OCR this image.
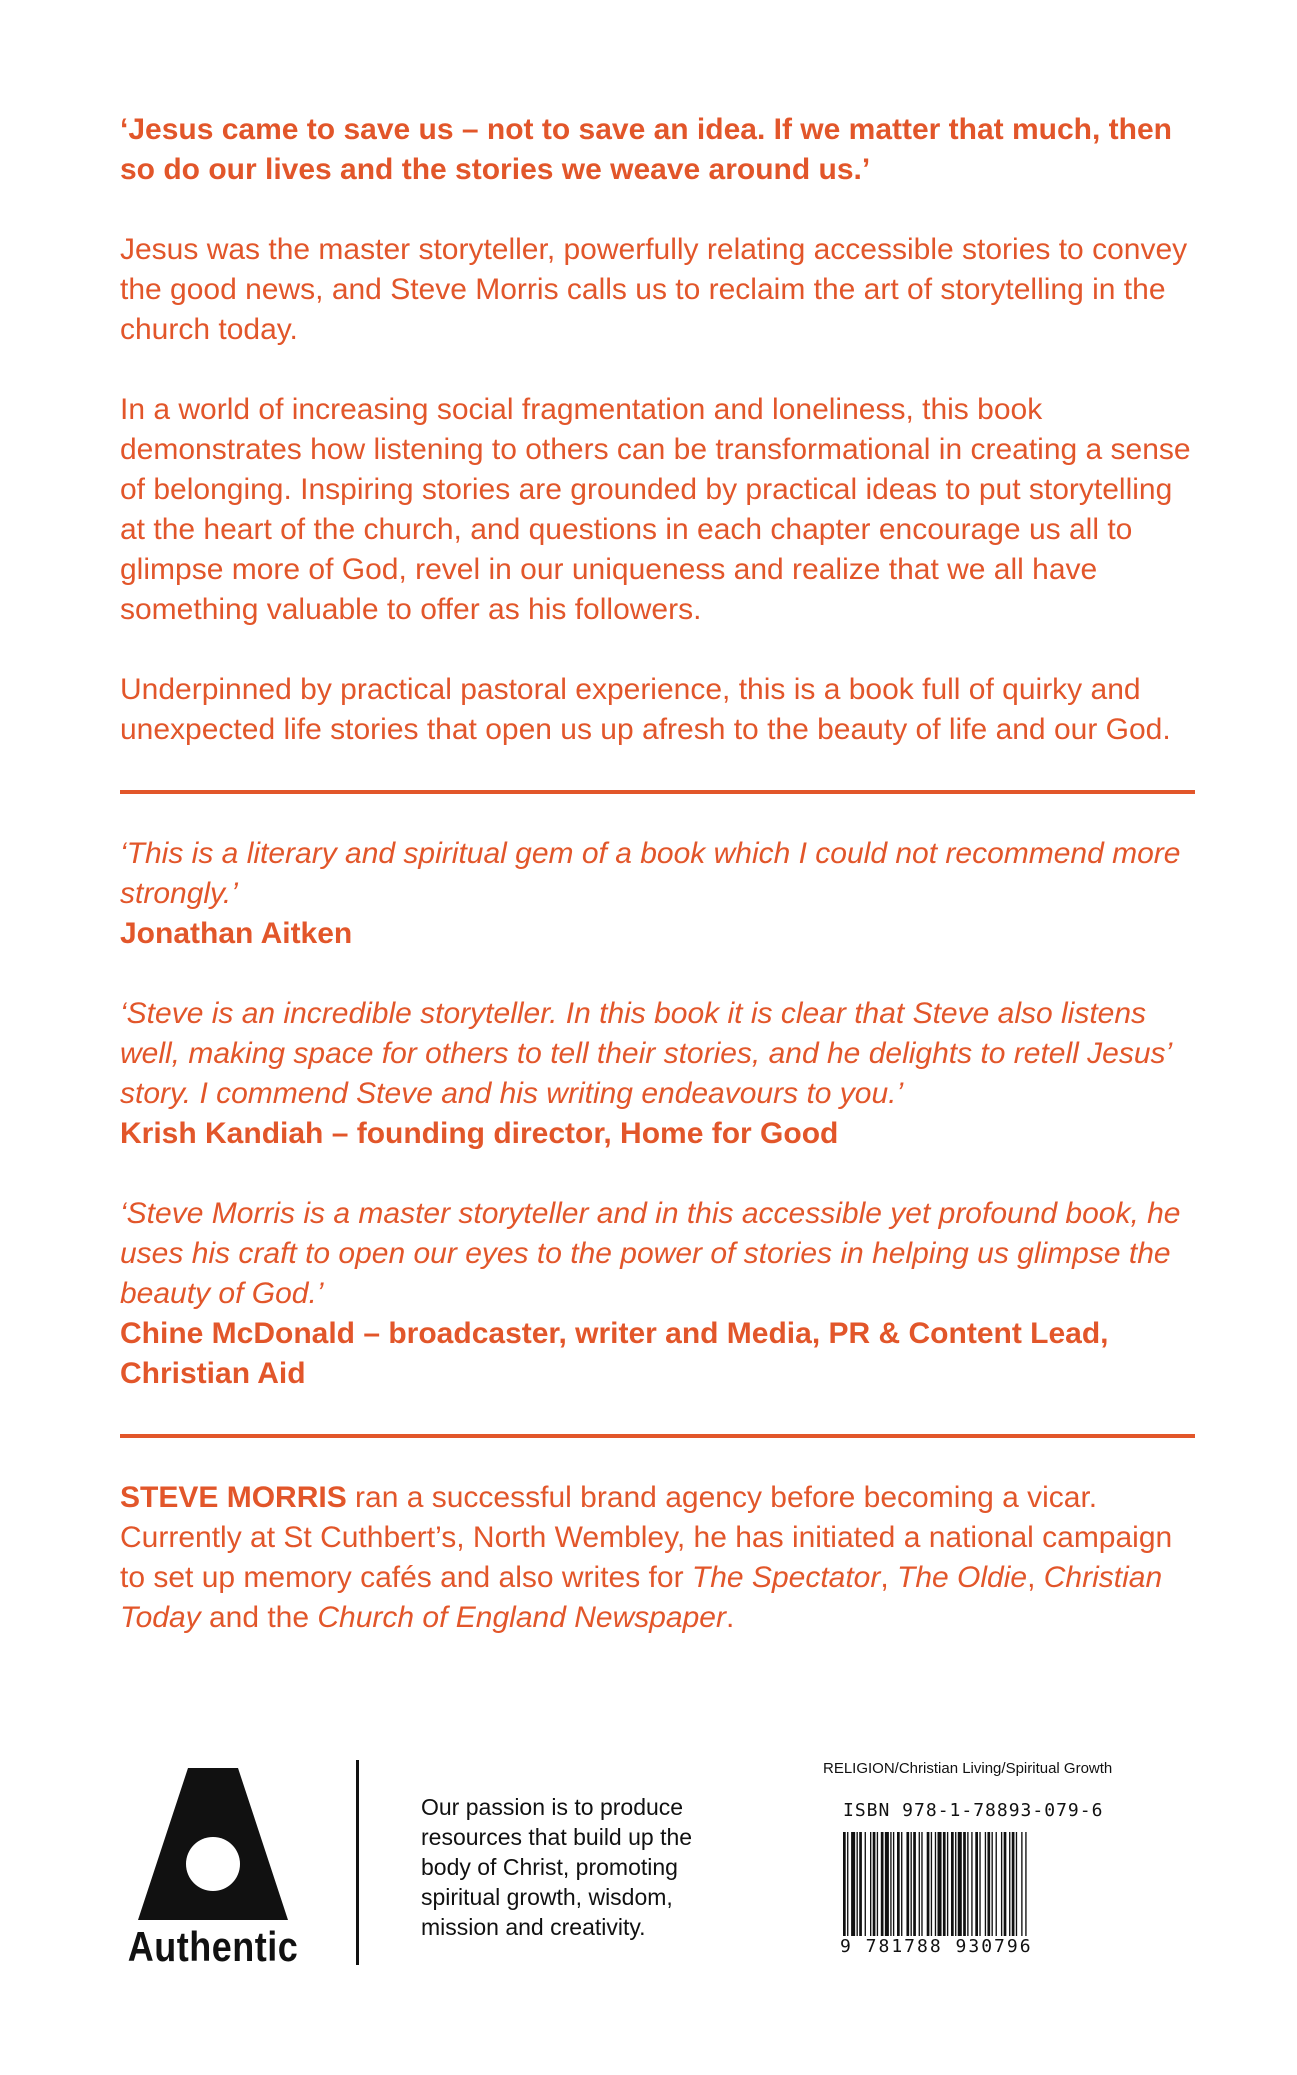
‘Jesus came to save us – not to save an idea. If we matter that much, then so do our lives and the stories we weave around us.’

Jesus was the master storyteller, powerfully relating accessible stories to convey the good news, and Steve Morris calls us to reclaim the art of storytelling in the church today.

In a world of increasing social fragmentation and loneliness, this book demonstrates how listening to others can be transformational in creating a sense of belonging. Inspiring stories are grounded by practical ideas to put storytelling at the heart of the church, and questions in each chapter encourage us all to glimpse more of God, revel in our uniqueness and realize that we all have something valuable to offer as his followers.

Underpinned by practical pastoral experience, this is a book full of quirky and unexpected life stories that open us up afresh to the beauty of life and our God.

‘This is a literary and spiritual gem of a book which I could not recommend more strongly.’
Jonathan Aitken
‘Steve is an incredible storyteller. In this book it is clear that Steve also listens well, making space for others to tell their stories, and he delights to retell Jesus’ story. I commend Steve and his writing endeavours to you.’
Krish Kandiah – founding director, Home for Good
‘Steve Morris is a master storyteller and in this accessible yet profound book, he uses his craft to open our eyes to the power of stories in helping us glimpse the beauty of God.’
Chine McDonald – broadcaster, writer and Media, PR & Content Lead, Christian Aid

STEVE MORRIS ran a successful brand agency before becoming a vicar. Currently at St Cuthbert’s, North Wembley, he has initiated a national campaign to set up memory cafés and also writes for The Spectator, The Oldie, Christian Today and the Church of England Newspaper.

Authentic
Our passion is to produce resources that build up the body of Christ, promoting spiritual growth, wisdom, mission and creativity.
RELIGION/Christian Living/Spiritual Growth
ISBN 978-1-78893-079-6
9 781788 930796
